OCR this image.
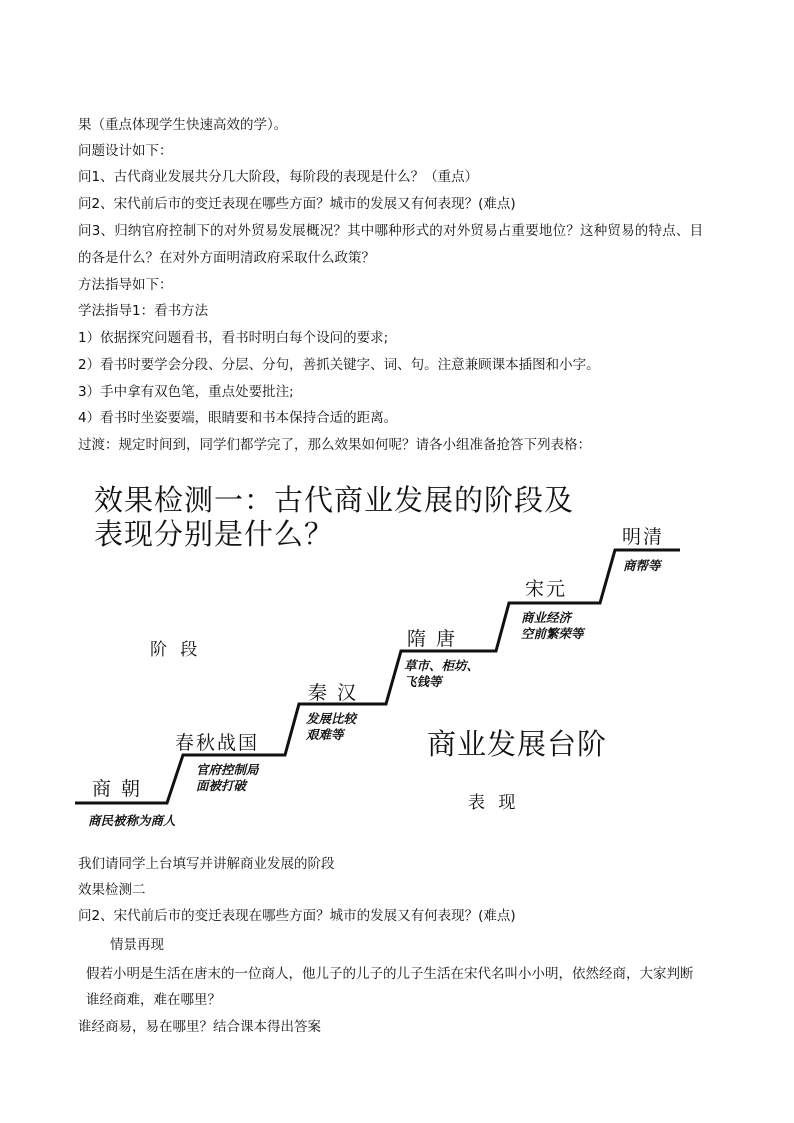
果（重点体现学生快速高效的学）。
问题设计如下：
问1、古代商业发展共分几大阶段，每阶段的表现是什么？（重点）
问2、宋代前后市的变迁表现在哪些方面？城市的发展又有何表现？(难点)
问3、归纳官府控制下的对外贸易发展概况？其中哪种形式的对外贸易占重要地位？这种贸易的特点、目
的各是什么？在对外方面明清政府采取什么政策？
方法指导如下：
学法指导1：看书方法
1）依据探究问题看书，看书时明白每个设问的要求;
2）看书时要学会分段、分层、分句，善抓关键字、词、句。注意兼顾课本插图和小字。
3）手中拿有双色笔，重点处要批注;
4）看书时坐姿要端，眼睛要和书本保持合适的距离。
过渡：规定时间到，同学们都学完了，那么效果如何呢？请各小组准备抢答下列表格：
效果检测一：古代商业发展的阶段及
表现分别是什么？
商 朝
春秋战国
秦 汉
隋 唐
宋元
明清
商民被称为商人
官府控制局
面被打破
发展比较
艰难等
草市、柜坊、
飞钱等
商业经济
空前繁荣等
商帮等
阶 段
商业发展台阶
表 现
我们请同学上台填写并讲解商业发展的阶段
效果检测二
问2、宋代前后市的变迁表现在哪些方面？城市的发展又有何表现？(难点)
情景再现
假若小明是生活在唐末的一位商人，他儿子的儿子的儿子生活在宋代名叫小小明，依然经商，大家判断
谁经商难，难在哪里？
谁经商易，易在哪里？结合课本得出答案
